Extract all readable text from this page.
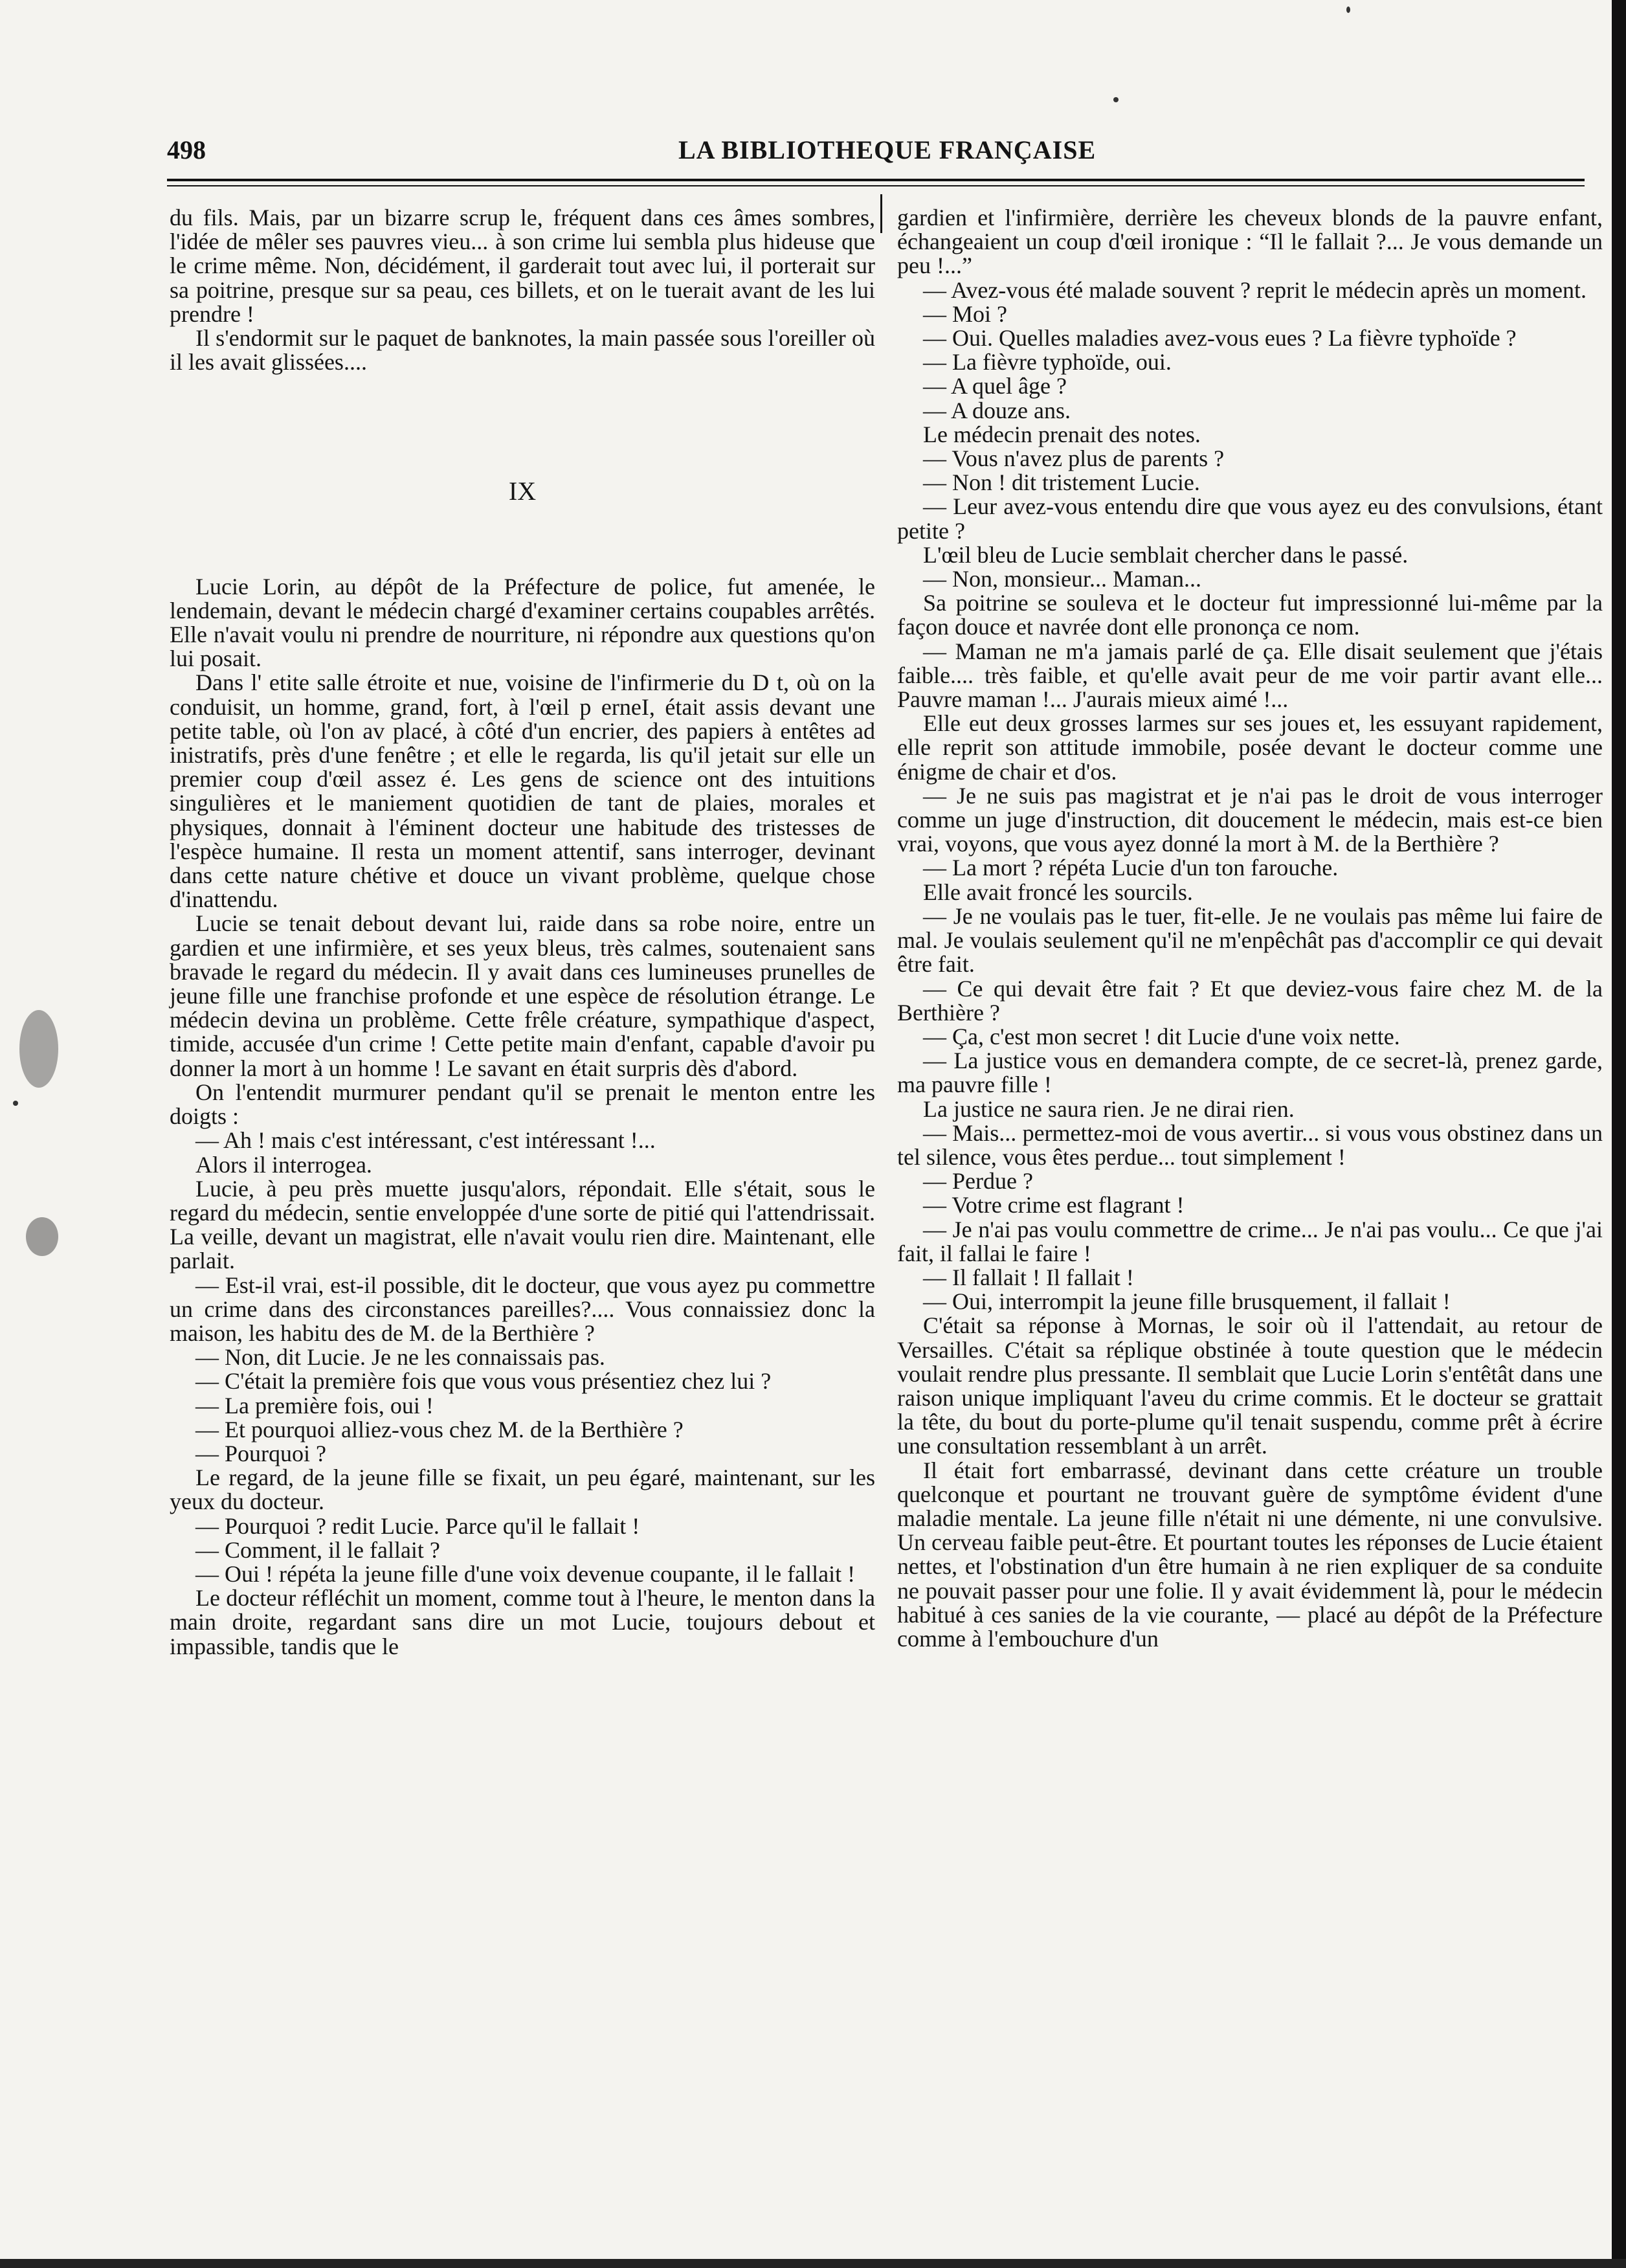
498	LA BIBLIOTHEQUE FRANÇAISE

du fils. Mais, par un bizarre scrup le, fréquent dans ces âmes sombres, l'idée de mêler ses pauvres vieu... à son crime lui sembla plus hideuse que le crime même. Non, décidément, il garderait tout avec lui, il porterait sur sa poitrine, presque sur sa peau, ces billets, et on le tuerait avant de les lui prendre !

Il s'endormit sur le paquet de banknotes, la main passée sous l'oreiller où il les avait glissées....

IX

Lucie Lorin, au dépôt de la Préfecture de police, fut amenée, le lendemain, devant le médecin chargé d'examiner certains coupables arrêtés. Elle n'avait voulu ni prendre de nourriture, ni répondre aux questions qu'on lui posait.

Dans l' etite salle étroite et nue, voisine de l'infirmerie du D t, où on la conduisit, un homme, grand, fort, à l'œil p erneI, était assis devant une petite table, où l'on av placé, à côté d'un encrier, des papiers à entêtes ad inistratifs, près d'une fenêtre ; et elle le regarda, lis qu'il jetait sur elle un premier coup d'œil assez é. Les gens de science ont des intuitions singulières et le maniement quotidien de tant de plaies, morales et physiques, donnait à l'éminent docteur une habitude des tristesses de l'espèce humaine. Il resta un moment attentif, sans interroger, devinant dans cette nature chétive et douce un vivant problème, quelque chose d'inattendu.

Lucie se tenait debout devant lui, raide dans sa robe noire, entre un gardien et une infirmière, et ses yeux bleus, très calmes, soutenaient sans bravade le regard du médecin. Il y avait dans ces lumineuses prunelles de jeune fille une franchise profonde et une espèce de résolution étrange. Le médecin devina un problème. Cette frêle créature, sympathique d'aspect, timide, accusée d'un crime ! Cette petite main d'enfant, capable d'avoir pu donner la mort à un homme ! Le savant en était surpris dès d'abord.

On l'entendit murmurer pendant qu'il se prenait le menton entre les doigts :

— Ah ! mais c'est intéressant, c'est intéressant !...

Alors il interrogea.

Lucie, à peu près muette jusqu'alors, répondait. Elle s'était, sous le regard du médecin, sentie enveloppée d'une sorte de pitié qui l'attendrissait. La veille, devant un magistrat, elle n'avait voulu rien dire. Maintenant, elle parlait.

— Est-il vrai, est-il possible, dit le docteur, que vous ayez pu commettre un crime dans des circonstances pareilles?.... Vous connaissiez donc la maison, les habitu des de M. de la Berthière ?

— Non, dit Lucie. Je ne les connaissais pas.

— C'était la première fois que vous vous présentiez chez lui ?

— La première fois, oui !

— Et pourquoi alliez-vous chez M. de la Berthière ?

— Pourquoi ?

Le regard, de la jeune fille se fixait, un peu égaré, maintenant, sur les yeux du docteur.

— Pourquoi ? redit Lucie. Parce qu'il le fallait !

— Comment, il le fallait ?

— Oui ! répéta la jeune fille d'une voix devenue coupante, il le fallait !

Le docteur réfléchit un moment, comme tout à l'heure, le menton dans la main droite, regardant sans dire un mot Lucie, toujours debout et impassible, tandis que le

gardien et l'infirmière, derrière les cheveux blonds de la pauvre enfant, échangeaient un coup d'œil ironique : “Il le fallait ?... Je vous demande un peu !...”

— Avez-vous été malade souvent ? reprit le médecin après un moment.

— Moi ?

— Oui. Quelles maladies avez-vous eues ? La fièvre typhoïde ?

— La fièvre typhoïde, oui.

— A quel âge ?

— A douze ans.

Le médecin prenait des notes.

— Vous n'avez plus de parents ?

— Non ! dit tristement Lucie.

— Leur avez-vous entendu dire que vous ayez eu des convulsions, étant petite ?

L'œil bleu de Lucie semblait chercher dans le passé.

— Non, monsieur... Maman...

Sa poitrine se souleva et le docteur fut impressionné lui-même par la façon douce et navrée dont elle prononça ce nom.

— Maman ne m'a jamais parlé de ça. Elle disait seulement que j'étais faible.... très faible, et qu'elle avait peur de me voir partir avant elle... Pauvre maman !... J'aurais mieux aimé !...

Elle eut deux grosses larmes sur ses joues et, les essuyant rapidement, elle reprit son attitude immobile, posée devant le docteur comme une énigme de chair et d'os.

— Je ne suis pas magistrat et je n'ai pas le droit de vous interroger comme un juge d'instruction, dit doucement le médecin, mais est-ce bien vrai, voyons, que vous ayez donné la mort à M. de la Berthière ?

— La mort ? répéta Lucie d'un ton farouche.

Elle avait froncé les sourcils.

— Je ne voulais pas le tuer, fit-elle. Je ne voulais pas même lui faire de mal. Je voulais seulement qu'il ne m'enpêchât pas d'accomplir ce qui devait être fait.

— Ce qui devait être fait ? Et que deviez-vous faire chez M. de la Berthière ?

— Ça, c'est mon secret ! dit Lucie d'une voix nette.

— La justice vous en demandera compte, de ce secret-là, prenez garde, ma pauvre fille !

La justice ne saura rien. Je ne dirai rien.

— Mais... permettez-moi de vous avertir... si vous vous obstinez dans un tel silence, vous êtes perdue... tout simplement !

— Perdue ?

— Votre crime est flagrant !

— Je n'ai pas voulu commettre de crime... Je n'ai pas voulu... Ce que j'ai fait, il fallai le faire !

— Il fallait ! Il fallait !

— Oui, interrompit la jeune fille brusquement, il fallait !

C'était sa réponse à Mornas, le soir où il l'attendait, au retour de Versailles. C'était sa réplique obstinée à toute question que le médecin voulait rendre plus pressante. Il semblait que Lucie Lorin s'entêtât dans une raison unique impliquant l'aveu du crime commis. Et le docteur se grattait la tête, du bout du porte-plume qu'il tenait suspendu, comme prêt à écrire une consultation ressemblant à un arrêt.

Il était fort embarrassé, devinant dans cette créature un trouble quelconque et pourtant ne trouvant guère de symptôme évident d'une maladie mentale. La jeune fille n'était ni une démente, ni une convulsive. Un cerveau faible peut-être. Et pourtant toutes les réponses de Lucie étaient nettes, et l'obstination d'un être humain à ne rien expliquer de sa conduite ne pouvait passer pour une folie. Il y avait évidemment là, pour le médecin habitué à ces sanies de la vie courante, — placé au dépôt de la Préfecture comme à l'embouchure d'un
